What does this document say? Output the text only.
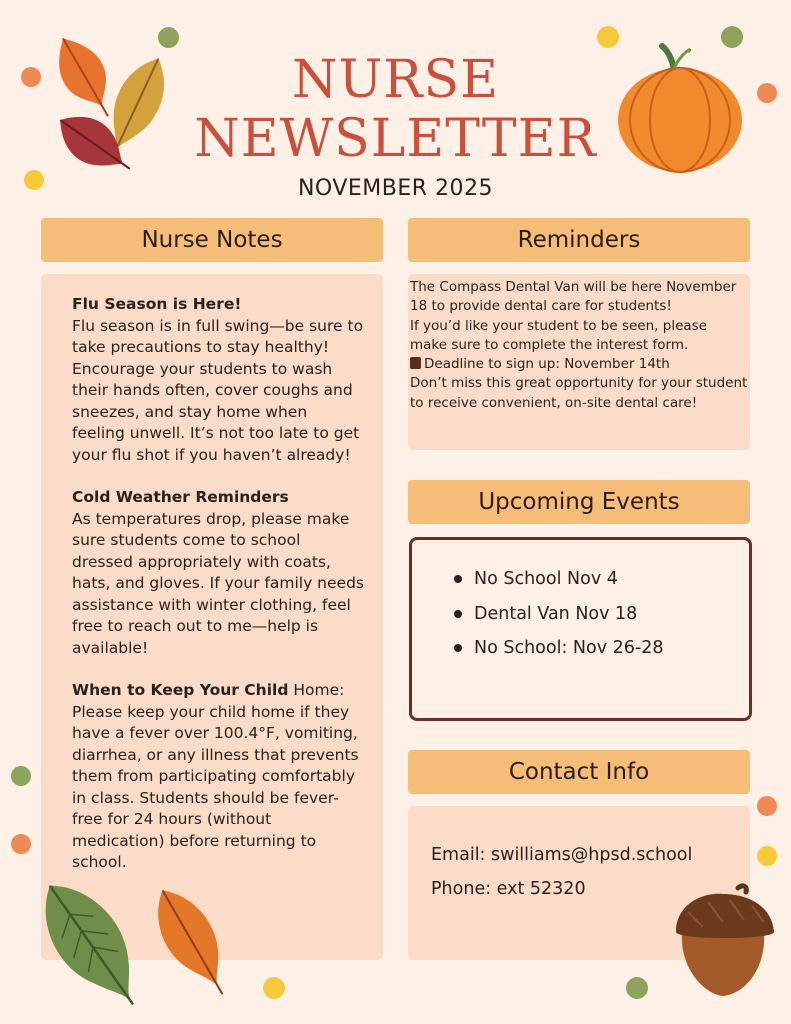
NURSE
NEWSLETTER
NOVEMBER 2025
Nurse Notes

Flu Season is Here!
Flu season is in full swing—be sure to take precautions to stay healthy! Encourage your students to wash their hands often, cover coughs and sneezes, and stay home when feeling unwell. It’s not too late to get your flu shot if you haven’t already!

Cold Weather Reminders
As temperatures drop, please make sure students come to school dressed appropriately with coats, hats, and gloves. If your family needs assistance with winter clothing, feel free to reach out to me—help is available!

When to Keep Your Child Home:
Please keep your child home if they have a fever over 100.4°F, vomiting, diarrhea, or any illness that prevents them from participating comfortably in class. Students should be fever-free for 24 hours (without medication) before returning to school.

Reminders
The Compass Dental Van will be here November 18 to provide dental care for students!
If you’d like your student to be seen, please make sure to complete the interest form.
Deadline to sign up: November 14th
Don’t miss this great opportunity for your student to receive convenient, on-site dental care!
Upcoming Events
No School Nov 4
Dental Van Nov 18
No School: Nov 26-28
Contact Info
Email: swilliams@hpsd.school
Phone: ext 52320
